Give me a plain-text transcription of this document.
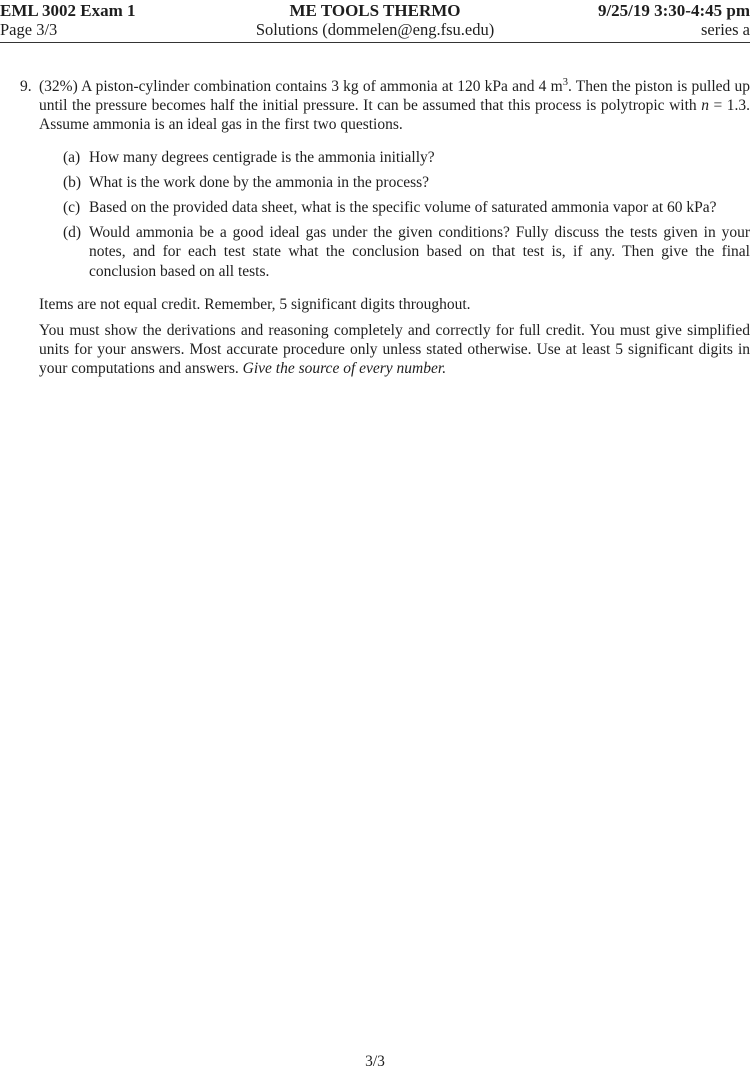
EML 3002 Exam 1
Page 3/3
9/25/19 3:30-4:45 pm
series a
ME TOOLS THERMO
Solutions (dommelen@eng.fsu.edu)
9. (32%) A piston-cylinder combination contains 3 kg of ammonia at 120 kPa and 4 $m^3$. Then the piston is pulled up until the pressure becomes half the initial pressure. It can be assumed that this process is polytropic with n = 1.3. Assume ammonia is an ideal gas in the first two questions.
(a) How many degrees centigrade is the ammonia initially?
(b) What is the work done by the ammonia in the process?
(c) Based on the provided data sheet, what is the specific volume of saturated ammonia vapor at 60 kPa?
(d) Would ammonia be a good ideal gas under the given conditions? Fully discuss the tests given in your notes, and for each test state what the conclusion based on that test is, if any. Then give the final conclusion based on all tests.
Items are not equal credit. Remember, 5 significant digits throughout.
You must show the derivations and reasoning completely and correctly for full credit. You must give simplified units for your answers. Most accurate procedure only unless stated otherwise. Use at least 5 significant digits in your computations and answers. Give the source of every number.
3/3
